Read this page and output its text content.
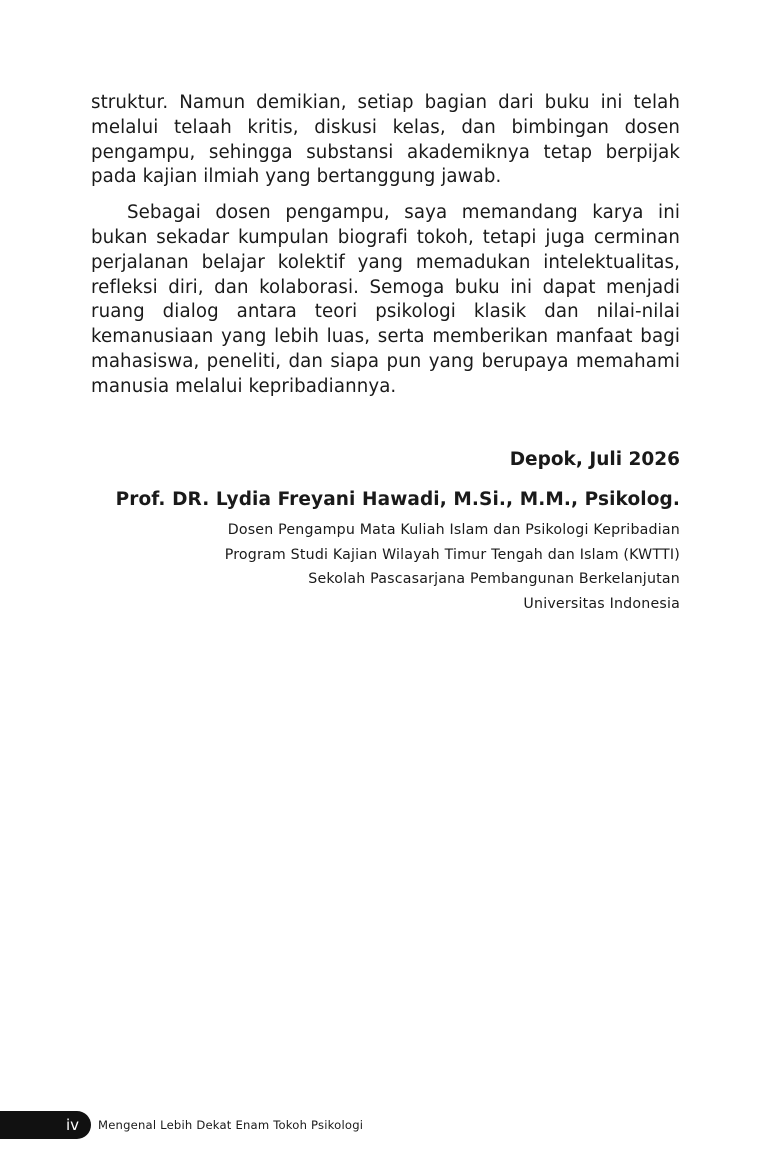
struktur. Namun demikian, setiap bagian dari buku ini telah melalui telaah kritis, diskusi kelas, dan bimbingan dosen pengampu, sehingga substansi akademiknya tetap berpijak pada kajian ilmiah yang bertanggung jawab.

Sebagai dosen pengampu, saya memandang karya ini bukan sekadar kumpulan biografi tokoh, tetapi juga cerminan perjalanan belajar kolektif yang memadukan intelektualitas, refleksi diri, dan kolaborasi. Semoga buku ini dapat menjadi ruang dialog antara teori psikologi klasik dan nilai-nilai kemanusiaan yang lebih luas, serta memberikan manfaat bagi mahasiswa, peneliti, dan siapa pun yang berupaya memahami manusia melalui kepribadiannya.

Depok, Juli 2026

Prof. DR. Lydia Freyani Hawadi, M.Si., M.M., Psikolog.

Dosen Pengampu Mata Kuliah Islam dan Psikologi Kepribadian
Program Studi Kajian Wilayah Timur Tengah dan Islam (KWTTI)
Sekolah Pascasarjana Pembangunan Berkelanjutan
Universitas Indonesia
iv Mengenal Lebih Dekat Enam Tokoh Psikologi
